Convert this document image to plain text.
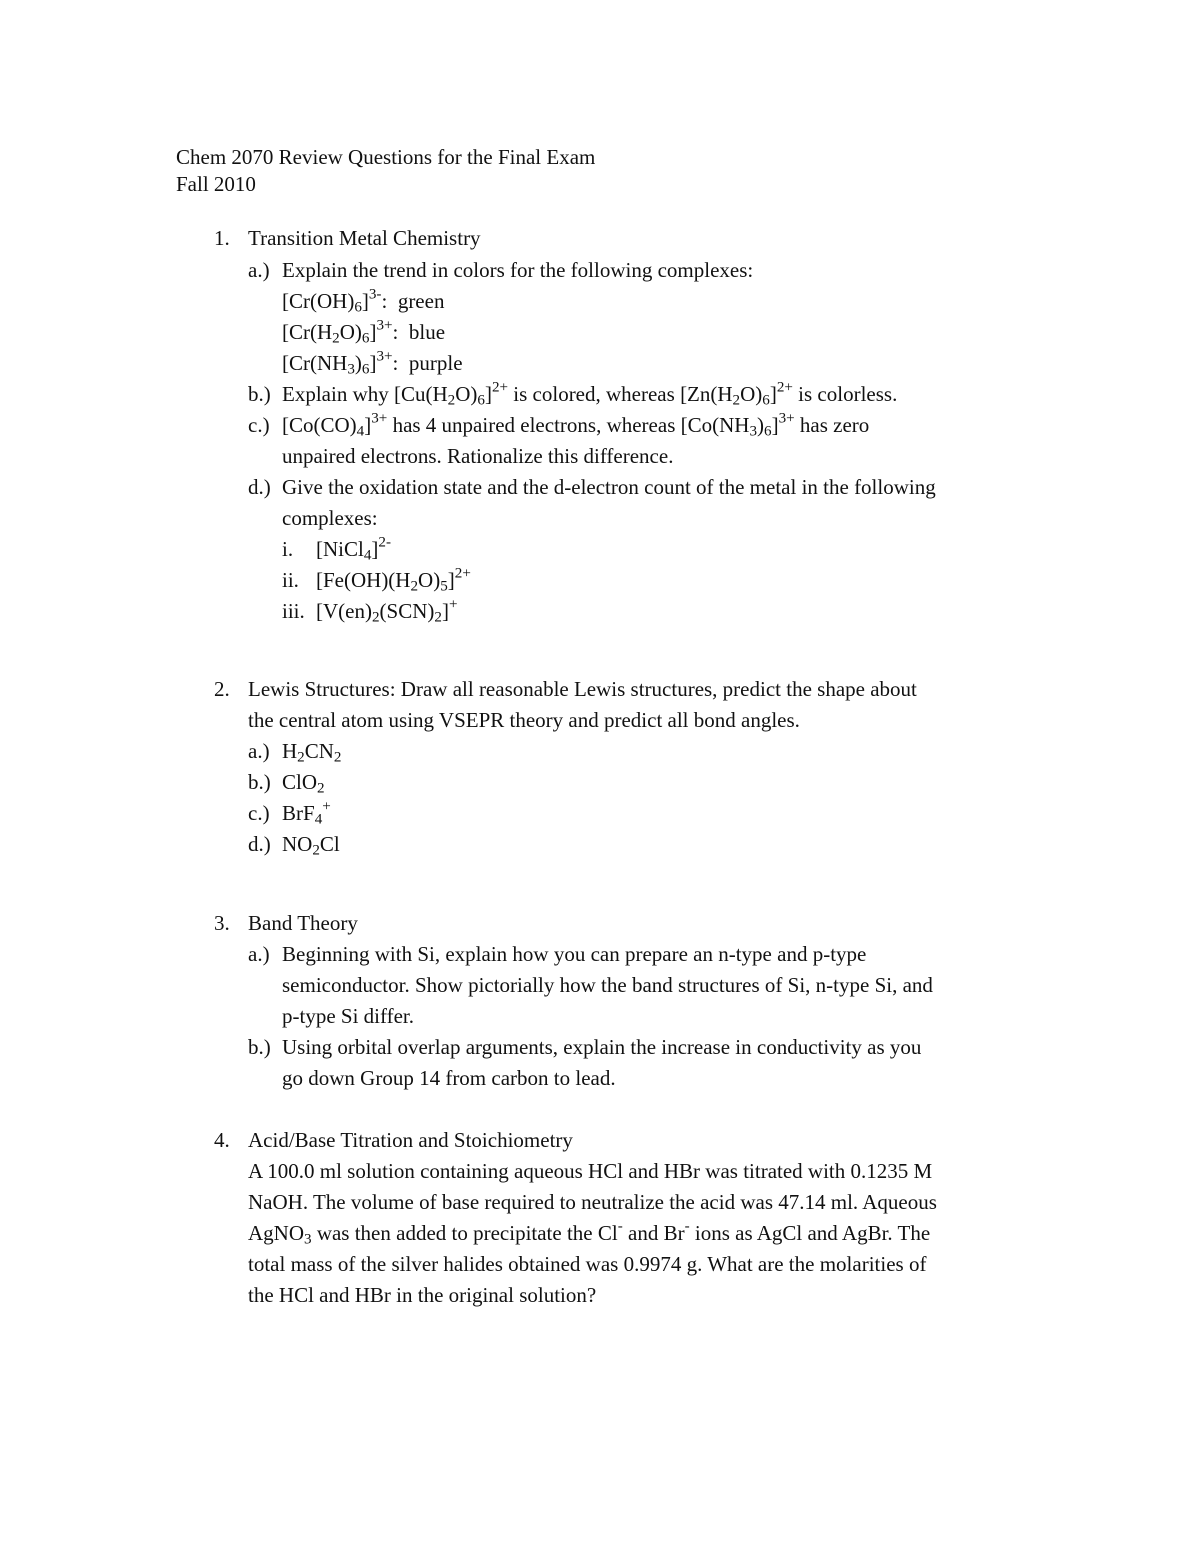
Chem 2070 Review Questions for the Final Exam
Fall 2010
1. Transition Metal Chemistry
a.) Explain the trend in colors for the following complexes:
$[Cr(OH)_6]^{3-}$:  green
$[Cr(H_2O)_6]^{3+}$:  blue
$[Cr(NH_3)_6]^{3+}$:  purple
b.) Explain why $[Cu(H_2O)_6]^{2+}$ is colored, whereas $[Zn(H_2O)_6]^{2+}$ is colorless.
c.) $[Co(CO)_4]^{3+}$ has 4 unpaired electrons, whereas $[Co(NH_3)_6]^{3+}$ has zero
unpaired electrons. Rationalize this difference.
d.) Give the oxidation state and the d-electron count of the metal in the following
complexes:
i. [NiCl$_4$]$^{2-}$
ii. $[Fe(OH)(H_2O)_5]^{2+}$
iii. $[V(en)_2(SCN)_2]^+$
2. Lewis Structures: Draw all reasonable Lewis structures, predict the shape about
the central atom using VSEPR theory and predict all bond angles.
a.) $H_2CN_2$
b.) ClO$_2$
c.) BrF$_4$+
d.) $NO_2Cl$
3. Band Theory
a.) Beginning with Si, explain how you can prepare an n-type and p-type
semiconductor. Show pictorially how the band structures of Si, n-type Si, and
p-type Si differ.
b.) Using orbital overlap arguments, explain the increase in conductivity as you
go down Group 14 from carbon to lead.
4. Acid/Base Titration and Stoichiometry
A 100.0 ml solution containing aqueous HCl and HBr was titrated with 0.1235 M
NaOH. The volume of base required to neutralize the acid was 47.14 ml. Aqueous
AgNO$_3$ was then added to precipitate the Cl- and Br- ions as AgCl and AgBr. The
total mass of the silver halides obtained was 0.9974 g. What are the molarities of
the HCl and HBr in the original solution?
